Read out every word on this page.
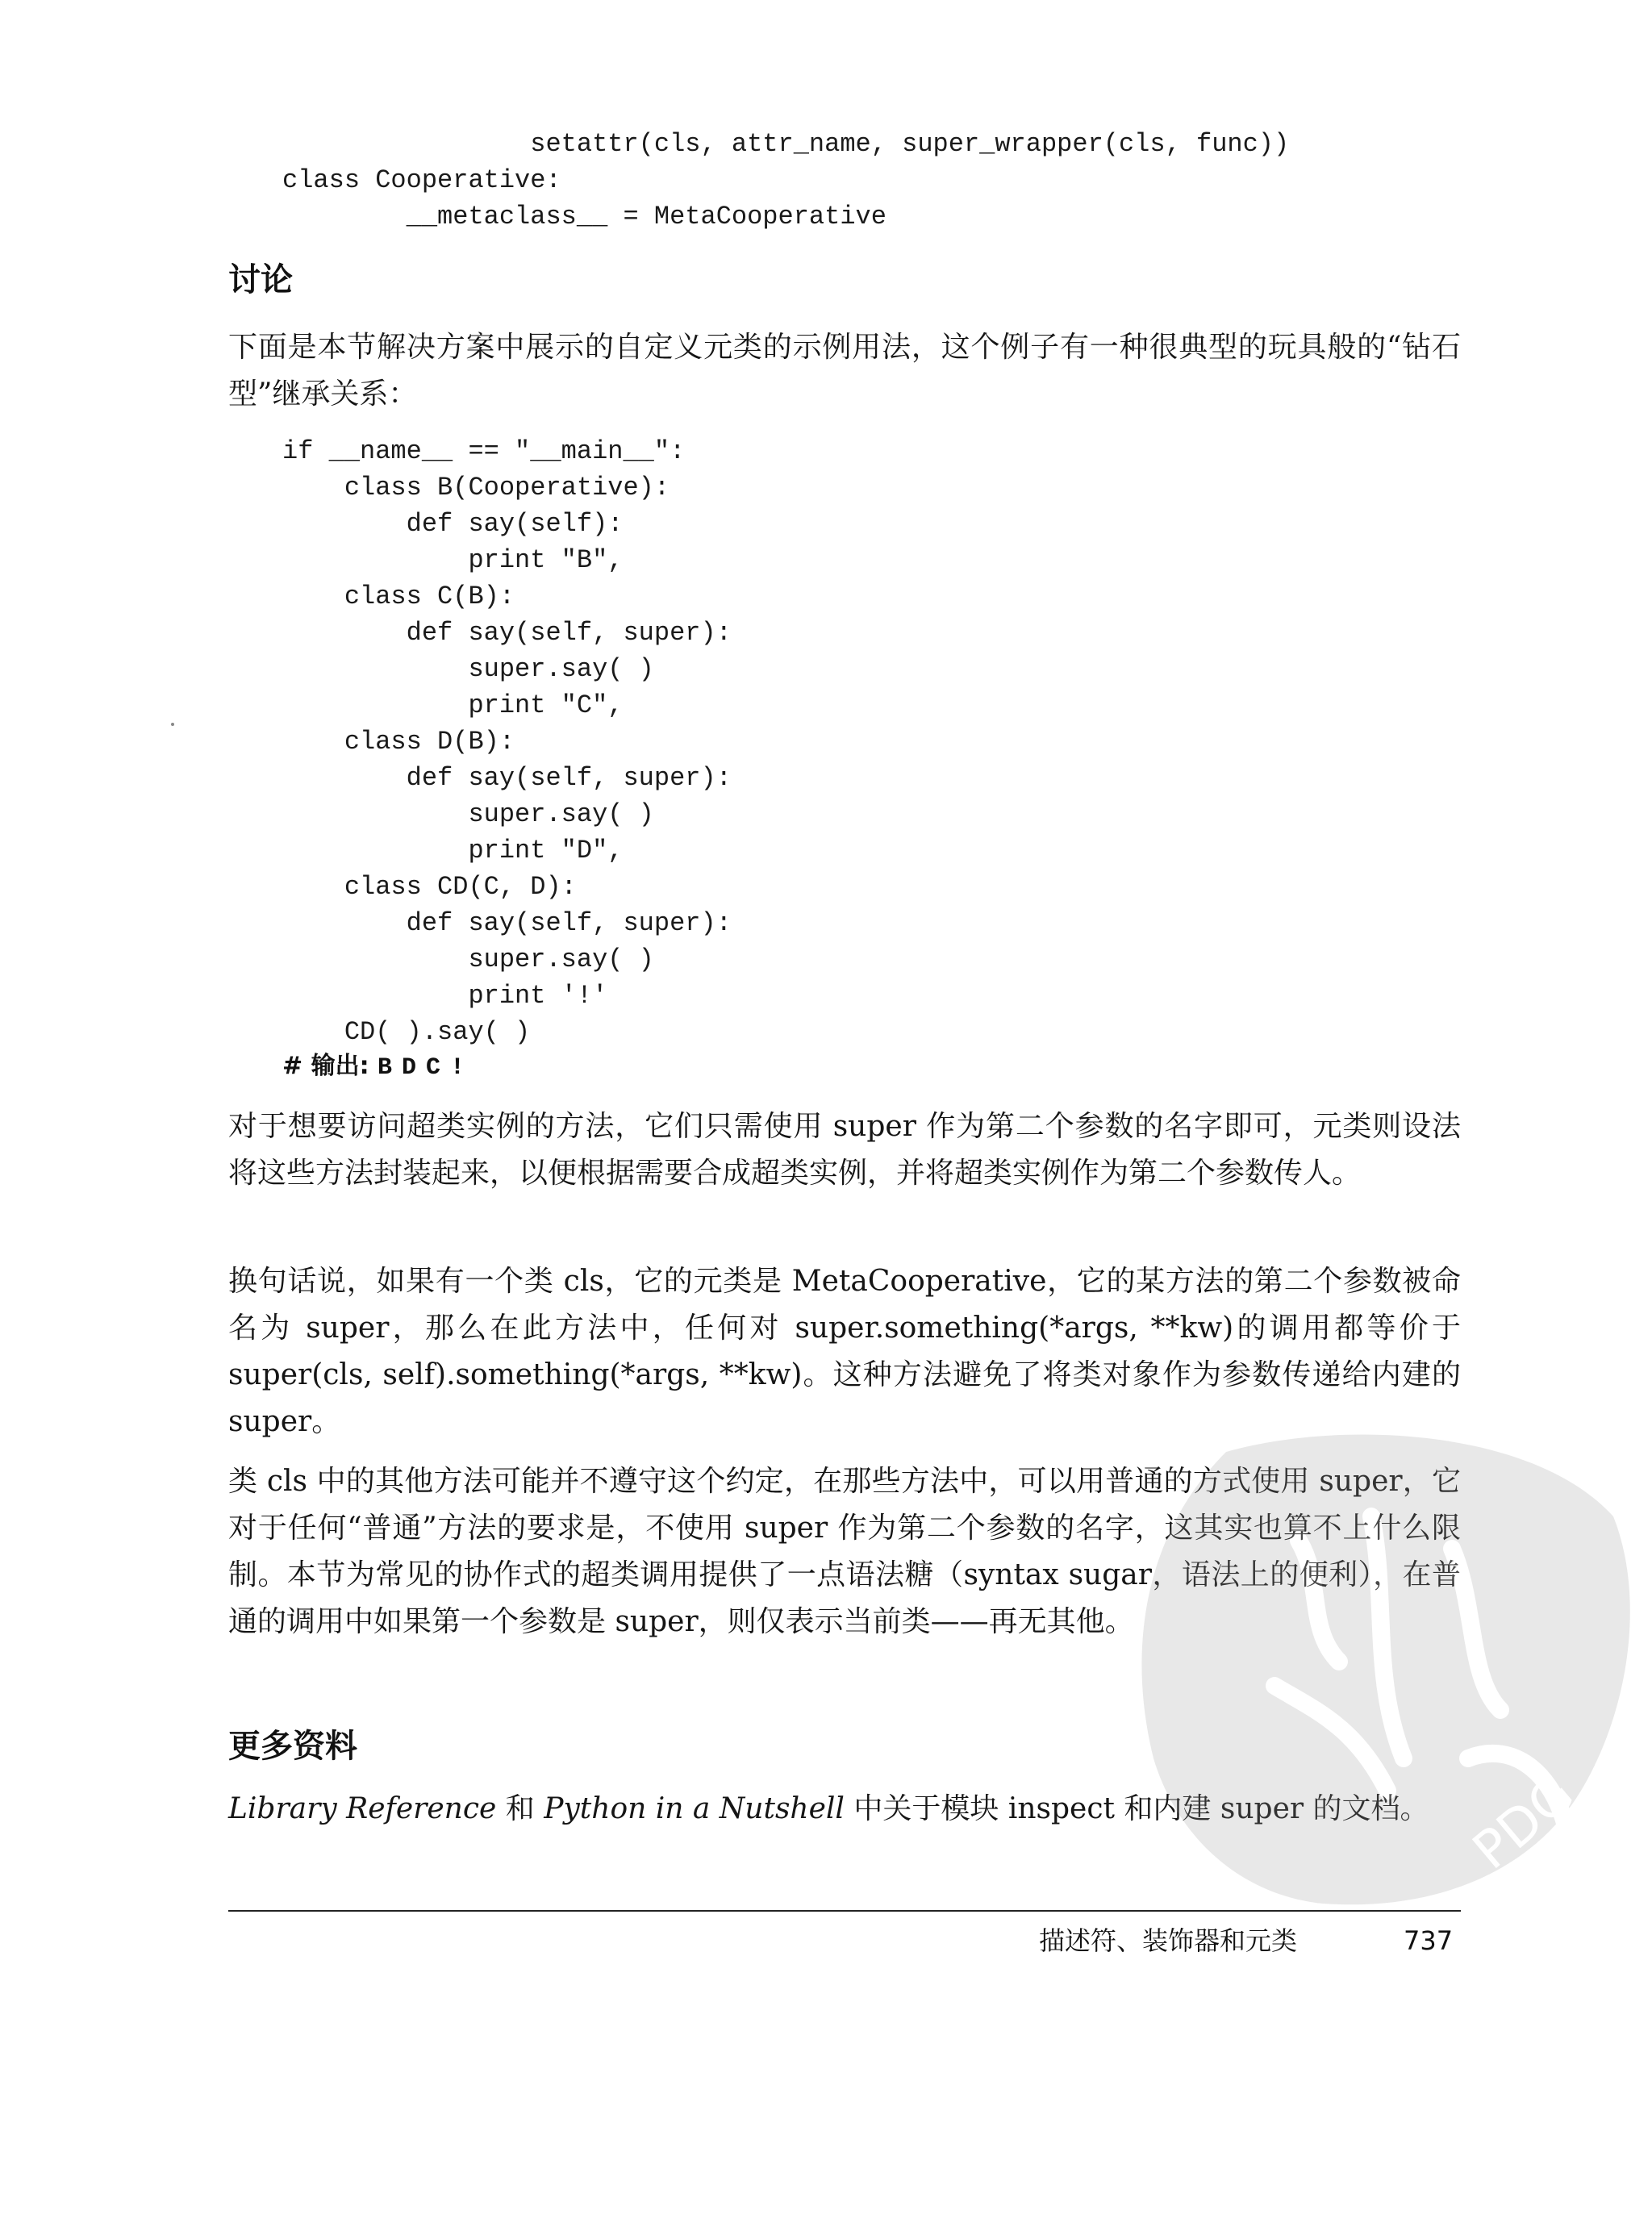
setattr(cls, attr_name, super_wrapper(cls, func))
class Cooperative:
__metaclass__ = MetaCooperative
讨论

下面是本节解决方案中展示的自定义元类的示例用法，这个例子有一种很典型的玩具般的“钻石型”继承关系：

if __name__ == "__main__":
class B(Cooperative):
def say(self):
print "B",
class C(B):
def say(self, super):
super.say( )
print "C",
class D(B):
def say(self, super):
super.say( )
print "D",
class CD(C, D):
def say(self, super):
super.say( )
print '!'
CD( ).say( )
# 输出: BDC!

对于想要访问超类实例的方法，它们只需使用 super 作为第二个参数的名字即可，元类则设法将这些方法封装起来，以便根据需要合成超类实例，并将超类实例作为第二个参数传人。

换句话说，如果有一个类 cls，它的元类是 MetaCooperative，它的某方法的第二个参数被命名为 super，那么在此方法中，任何对 super.something(*args, **kw)的调用都等价于 super(cls, self).something(*args, **kw)。这种方法避免了将类对象作为参数传递给内建的 super。

类 cls 中的其他方法可能并不遵守这个约定，在那些方法中，可以用普通的方式使用 super，它对于任何“普通”方法的要求是，不使用 super 作为第二个参数的名字，这其实也算不上什么限制。本节为常见的协作式的超类调用提供了一点语法糖（syntax sugar，语法上的便利），在普通的调用中如果第一个参数是 super，则仅表示当前类——再无其他。

更多资料

Library Reference 和 Python in a Nutshell 中关于模块 inspect 和内建 super 的文档。

描述符、装饰器和元类	737
PDG
